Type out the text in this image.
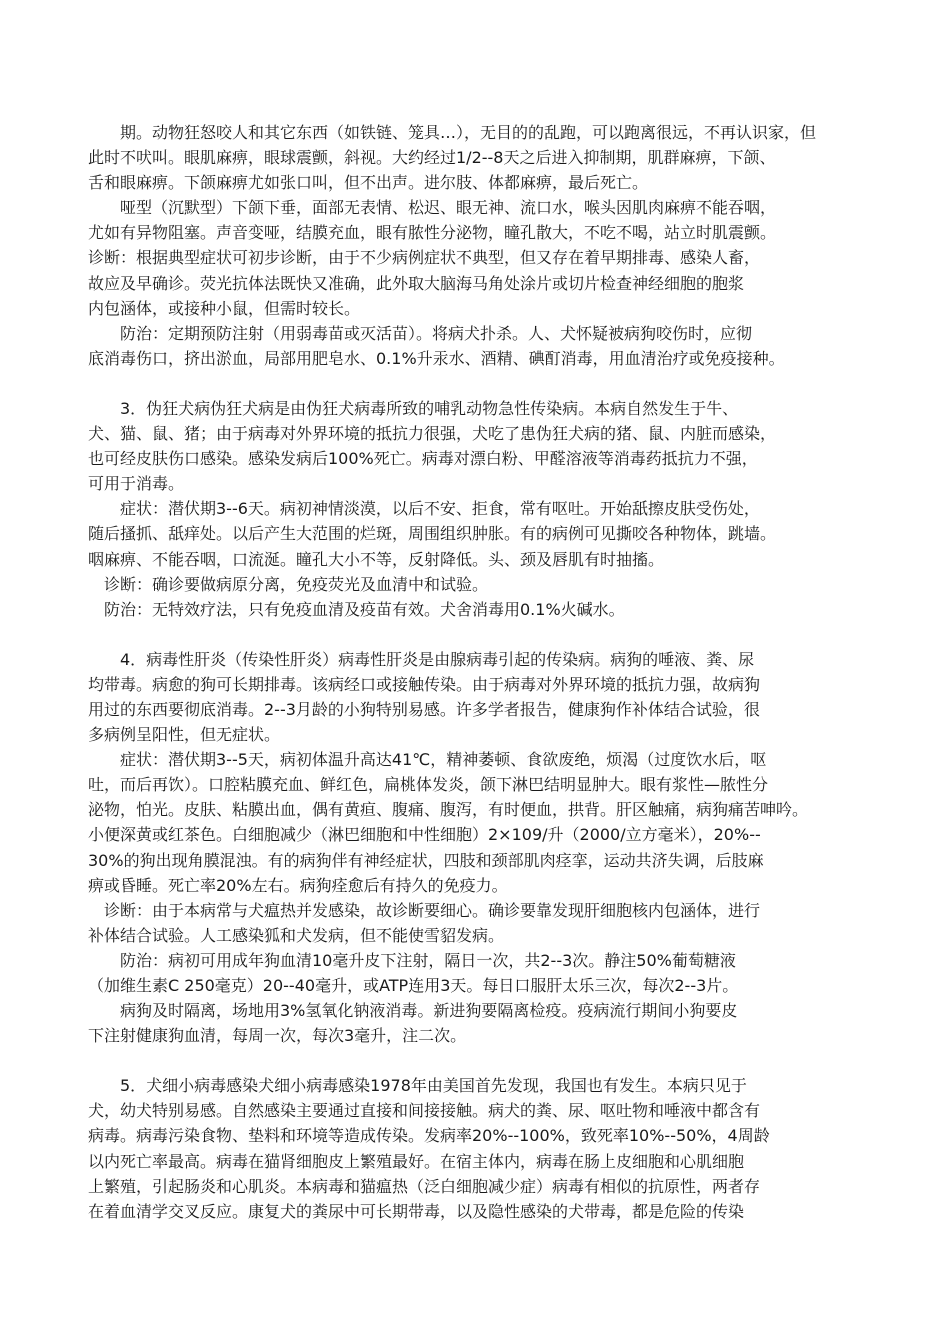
期。动物狂怒咬人和其它东西（如铁链、笼具…），无目的的乱跑，可以跑离很远，不再认识家，但
此时不吠叫。眼肌麻痹，眼球震颤，斜视。大约经过1/2--8天之后进入抑制期，肌群麻痹，下颌、
舌和眼麻痹。下颌麻痹尤如张口叫，但不出声。进尔肢、体都麻痹，最后死亡。
哑型（沉默型）下颌下垂，面部无表情、松迟、眼无神、流口水，喉头因肌肉麻痹不能吞咽，
尤如有异物阻塞。声音变哑，结膜充血，眼有脓性分泌物，瞳孔散大，不吃不喝，站立时肌震颤。
诊断：根据典型症状可初步诊断，由于不少病例症状不典型，但又存在着早期排毒、感染人畜，
故应及早确诊。荧光抗体法既快又准确，此外取大脑海马角处涂片或切片检查神经细胞的胞浆
内包涵体，或接种小鼠，但需时较长。
防治：定期预防注射（用弱毒苗或灭活苗）。将病犬扑杀。人、犬怀疑被病狗咬伤时，应彻
底消毒伤口，挤出淤血，局部用肥皂水、0.1%升汞水、酒精、碘酊消毒，用血清治疗或免疫接种。
3．伪狂犬病伪狂犬病是由伪狂犬病毒所致的哺乳动物急性传染病。本病自然发生于牛、
犬、猫、鼠、猪；由于病毒对外界环境的抵抗力很强，犬吃了患伪狂犬病的猪、鼠、内脏而感染，
也可经皮肤伤口感染。感染发病后100%死亡。病毒对漂白粉、甲醛溶液等消毒药抵抗力不强，
可用于消毒。
症状：潜伏期3--6天。病初神情淡漠，以后不安、拒食，常有呕吐。开始舐擦皮肤受伤处，
随后搔抓、舐痒处。以后产生大范围的烂斑，周围组织肿胀。有的病例可见撕咬各种物体，跳墙。
咽麻痹、不能吞咽，口流涎。瞳孔大小不等，反射降低。头、颈及唇肌有时抽搐。
诊断：确诊要做病原分离，免疫荧光及血清中和试验。
防治：无特效疗法，只有免疫血清及疫苗有效。犬舍消毒用0.1%火碱水。
4．病毒性肝炎（传染性肝炎）病毒性肝炎是由腺病毒引起的传染病。病狗的唾液、粪、尿
均带毒。病愈的狗可长期排毒。该病经口或接触传染。由于病毒对外界环境的抵抗力强，故病狗
用过的东西要彻底消毒。2--3月龄的小狗特别易感。许多学者报告，健康狗作补体结合试验，很
多病例呈阳性，但无症状。
症状：潜伏期3--5天，病初体温升高达41℃，精神萎顿、食欲废绝，烦渴（过度饮水后，呕
吐，而后再饮）。口腔粘膜充血、鲜红色，扁桃体发炎，颌下淋巴结明显肿大。眼有浆性—脓性分
泌物，怕光。皮肤、粘膜出血，偶有黄疸、腹痛、腹泻，有时便血，拱背。肝区触痛，病狗痛苦呻吟。
小便深黄或红茶色。白细胞减少（淋巴细胞和中性细胞）2×109/升（2000/立方毫米），20%--
30%的狗出现角膜混浊。有的病狗伴有神经症状，四肢和颈部肌肉痉挛，运动共济失调，后肢麻
痹或昏睡。死亡率20%左右。病狗痊愈后有持久的免疫力。
诊断：由于本病常与犬瘟热并发感染，故诊断要细心。确诊要靠发现肝细胞核内包涵体，进行
补体结合试验。人工感染狐和犬发病，但不能使雪貂发病。
防治：病初可用成年狗血清10毫升皮下注射，隔日一次，共2--3次。静注50%葡萄糖液
（加维生素C 250毫克）20--40毫升，或ATP连用3天。每日口服肝太乐三次，每次2--3片。
病狗及时隔离，场地用3%氢氧化钠液消毒。新进狗要隔离检疫。疫病流行期间小狗要皮
下注射健康狗血清，每周一次，每次3毫升，注二次。
5．犬细小病毒感染犬细小病毒感染1978年由美国首先发现，我国也有发生。本病只见于
犬，幼犬特别易感。自然感染主要通过直接和间接接触。病犬的粪、尿、呕吐物和唾液中都含有
病毒。病毒污染食物、垫料和环境等造成传染。发病率20%--100%，致死率10%--50%，4周龄
以内死亡率最高。病毒在猫肾细胞皮上繁殖最好。在宿主体内，病毒在肠上皮细胞和心肌细胞
上繁殖，引起肠炎和心肌炎。本病毒和猫瘟热（泛白细胞减少症）病毒有相似的抗原性，两者存
在着血清学交叉反应。康复犬的粪尿中可长期带毒，以及隐性感染的犬带毒，都是危险的传染
